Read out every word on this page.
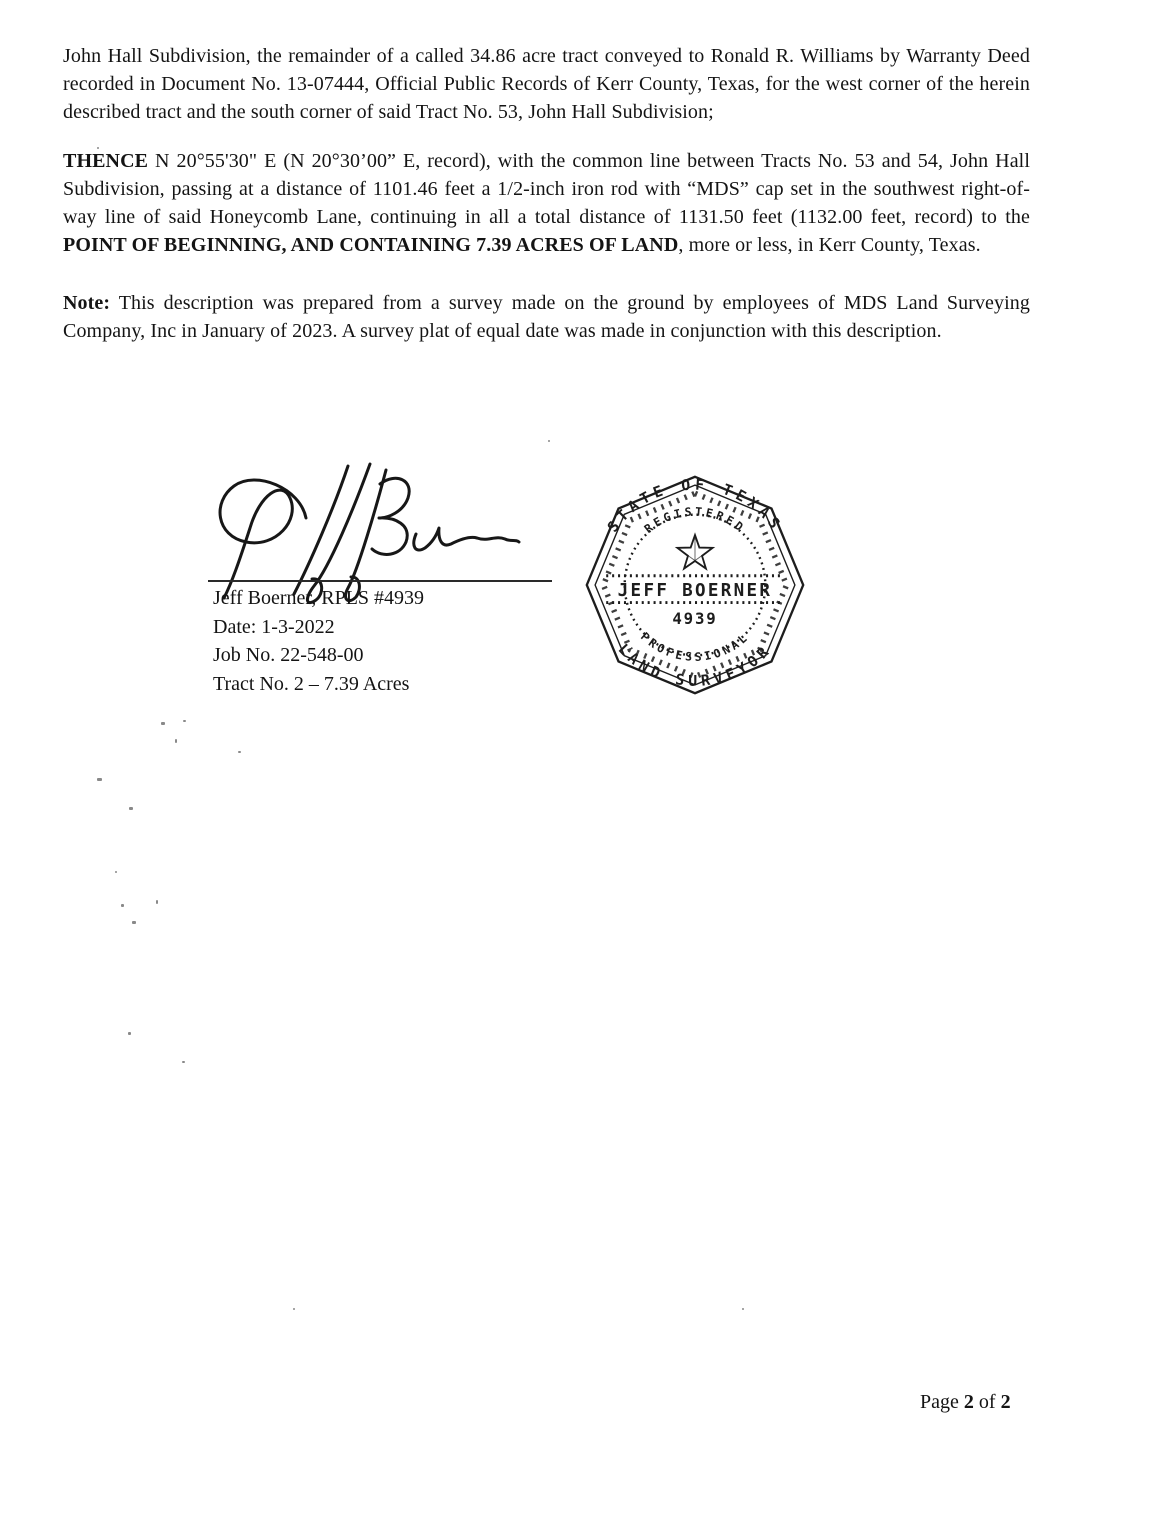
John Hall Subdivision, the remainder of a called 34.86 acre tract conveyed to Ronald R. Williams by Warranty Deed recorded in Document No. 13-07444, Official Public Records of Kerr County, Texas, for the west corner of the herein described tract and the south corner of said Tract No. 53, John Hall Subdivision;

THENCE N 20°55'30" E (N 20°30’00” E, record), with the common line between Tracts No. 53 and 54, John Hall Subdivision, passing at a distance of 1101.46 feet a 1/2-inch iron rod with “MDS” cap set in the southwest right-of-way line of said Honeycomb Lane, continuing in all a total distance of 1131.50 feet (1132.00 feet, record) to the POINT OF BEGINNING, AND CONTAINING 7.39 ACRES OF LAND, more or less, in Kerr County, Texas.

Note: This description was prepared from a survey made on the ground by employees of MDS Land Surveying Company, Inc in January of 2023. A survey plat of equal date was made in conjunction with this description.

Jeff Boerner, RPLS #4939
Date: 1-3-2022
Job No. 22-548-00
Tract No. 2 – 7.39 Acres
STATE OF TEXAS
LAND SURVEYOR
REGISTERED
PROFESSIONAL
JEFF BOERNER
4939
Page 2 of 2
